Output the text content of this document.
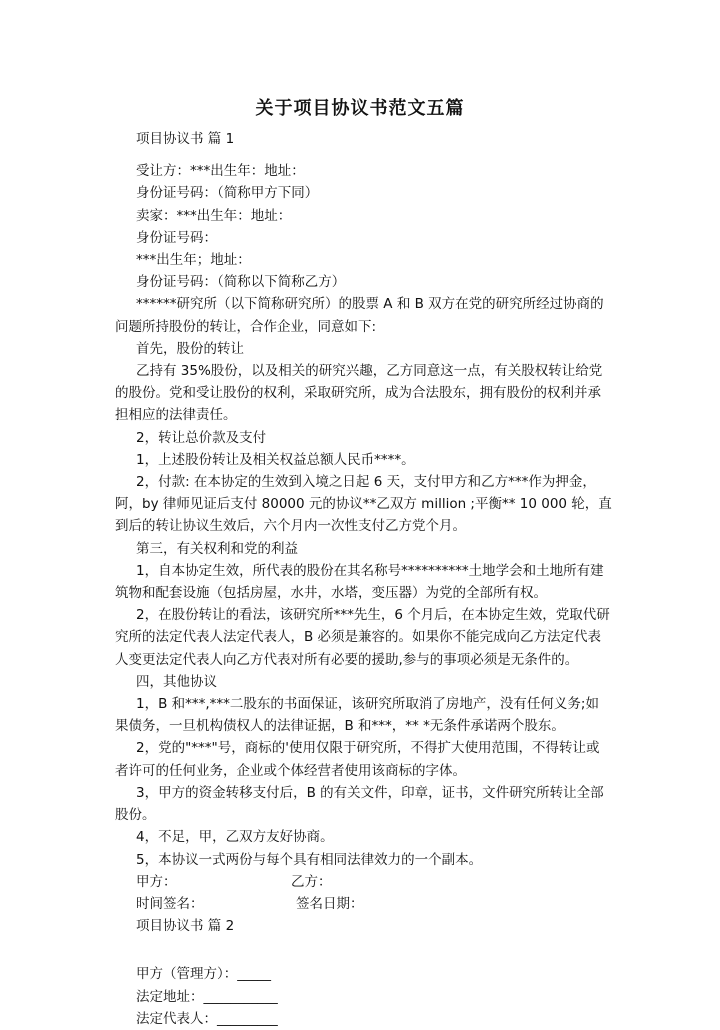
关于项目协议书范文五篇

项目协议书 篇 1

受让方：***出生年：地址：

身份证号码：（简称甲方下同）

卖家：***出生年：地址：

身份证号码：

***出生年；地址：

身份证号码：（简称以下简称乙方）

******研究所（以下简称研究所）的股票 A 和 B 双方在党的研究所经过协商的问题所持股份的转让，合作企业，同意如下:

首先，股份的转让

乙持有 35%股份，以及相关的研究兴趣，乙方同意这一点，有关股权转让给党的股份。党和受让股份的权利，采取研究所，成为合法股东，拥有股份的权利并承担相应的法律责任。

2，转让总价款及支付

1，上述股份转让及相关权益总额人民币****。

2，付款: 在本协定的生效到入境之日起 6 天，支付甲方和乙方***作为押金，阿，by 律师见证后支付 80000 元的协议**乙双方 million ;平衡** 10 000 轮，直到后的转让协议生效后，六个月内一次性支付乙方党个月。

第三，有关权利和党的利益

1，自本协定生效，所代表的股份在其名称号**********土地学会和土地所有建筑物和配套设施（包括房屋，水井，水塔，变压器）为党的全部所有权。

2，在股份转让的看法，该研究所***先生，6 个月后，在本协定生效，党取代研究所的法定代表人法定代表人，B 必须是兼容的。如果你不能完成向乙方法定代表人变更法定代表人向乙方代表对所有必要的援助,参与的事项必须是无条件的。

四，其他协议

1，B 和***,***二股东的书面保证，该研究所取消了房地产，没有任何义务;如果债务，一旦机构债权人的法律证据，B 和***，** *无条件承诺两个股东。

2，党的"***"号，商标的'使用仅限于研究所，不得扩大使用范围，不得转让或者许可的任何业务，企业或个体经营者使用该商标的字体。

3，甲方的资金转移支付后，B 的有关文件，印章，证书，文件研究所转让全部股份。

4，不足，甲，乙双方友好协商。

5，本协议一式两份与每个具有相同法律效力的一个副本。

甲方：	乙方：
时间签名：	签名日期：

项目协议书 篇 2

甲方（管理方）：_____

法定地址：___________

法定代表人：_________
